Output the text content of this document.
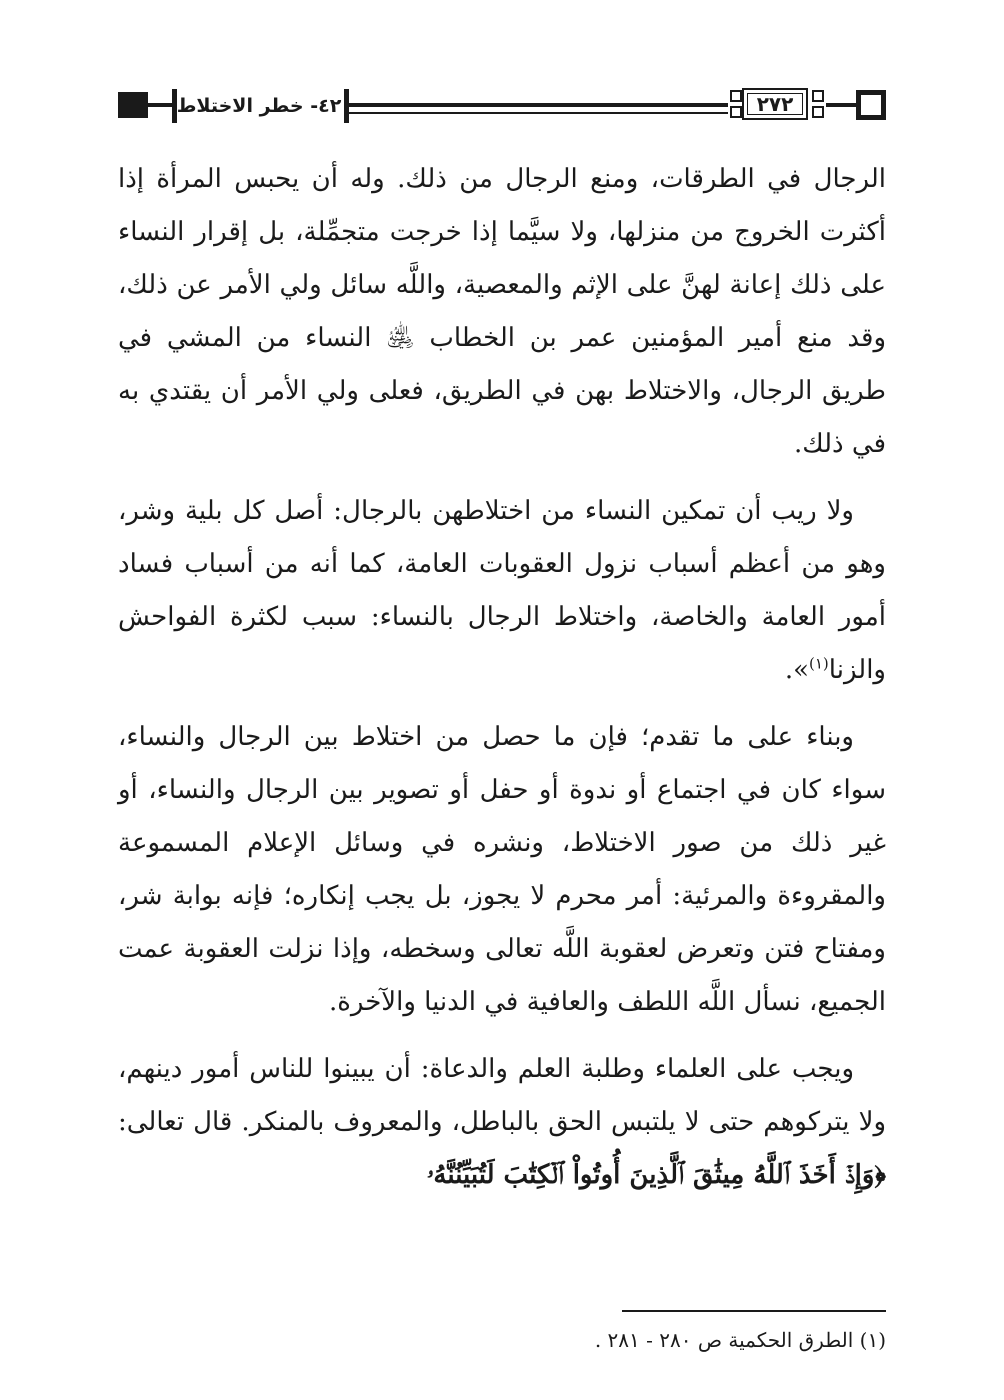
٤٢- خطر الاختلاط	٢٧٢

الرجال في الطرقات، ومنع الرجال من ذلك. وله أن يحبس المرأة إذا أكثرت الخروج من منزلها، ولا سيَّما إذا خرجت متجمِّلة، بل إقرار النساء على ذلك إعانة لهنَّ على الإثم والمعصية، واللَّه سائل ولي الأمر عن ذلك، وقد منع أمير المؤمنين عمر بن الخطاب ﵁ النساء من المشي في طريق الرجال، والاختلاط بهن في الطريق، فعلى ولي الأمر أن يقتدي به في ذلك.

ولا ريب أن تمكين النساء من اختلاطهن بالرجال: أصل كل بلية وشر، وهو من أعظم أسباب نزول العقوبات العامة، كما أنه من أسباب فساد أمور العامة والخاصة، واختلاط الرجال بالنساء: سبب لكثرة الفواحش والزنا$^{(١)}$».

وبناء على ما تقدم؛ فإن ما حصل من اختلاط بين الرجال والنساء، سواء كان في اجتماع أو ندوة أو حفل أو تصوير بين الرجال والنساء، أو غير ذلك من صور الاختلاط، ونشره في وسائل الإعلام المسموعة والمقروءة والمرئية: أمر محرم لا يجوز، بل يجب إنكاره؛ فإنه بوابة شر، ومفتاح فتن وتعرض لعقوبة اللَّه تعالى وسخطه، وإذا نزلت العقوبة عمت الجميع، نسأل اللَّه اللطف والعافية في الدنيا والآخرة.

ويجب على العلماء وطلبة العلم والدعاة: أن يبينوا للناس أمور دينهم، ولا يتركوهم حتى لا يلتبس الحق بالباطل، والمعروف بالمنكر. قال تعالى: ﴿وَإِذۡ أَخَذَ ٱللَّهُ مِيثَٰقَ ٱلَّذِينَ أُوتُواْ ٱلۡكِتَٰبَ لَتُبَيِّنُنَّهُۥ

(١) الطرق الحكمية ص ٢٨٠ - ٢٨١ .
